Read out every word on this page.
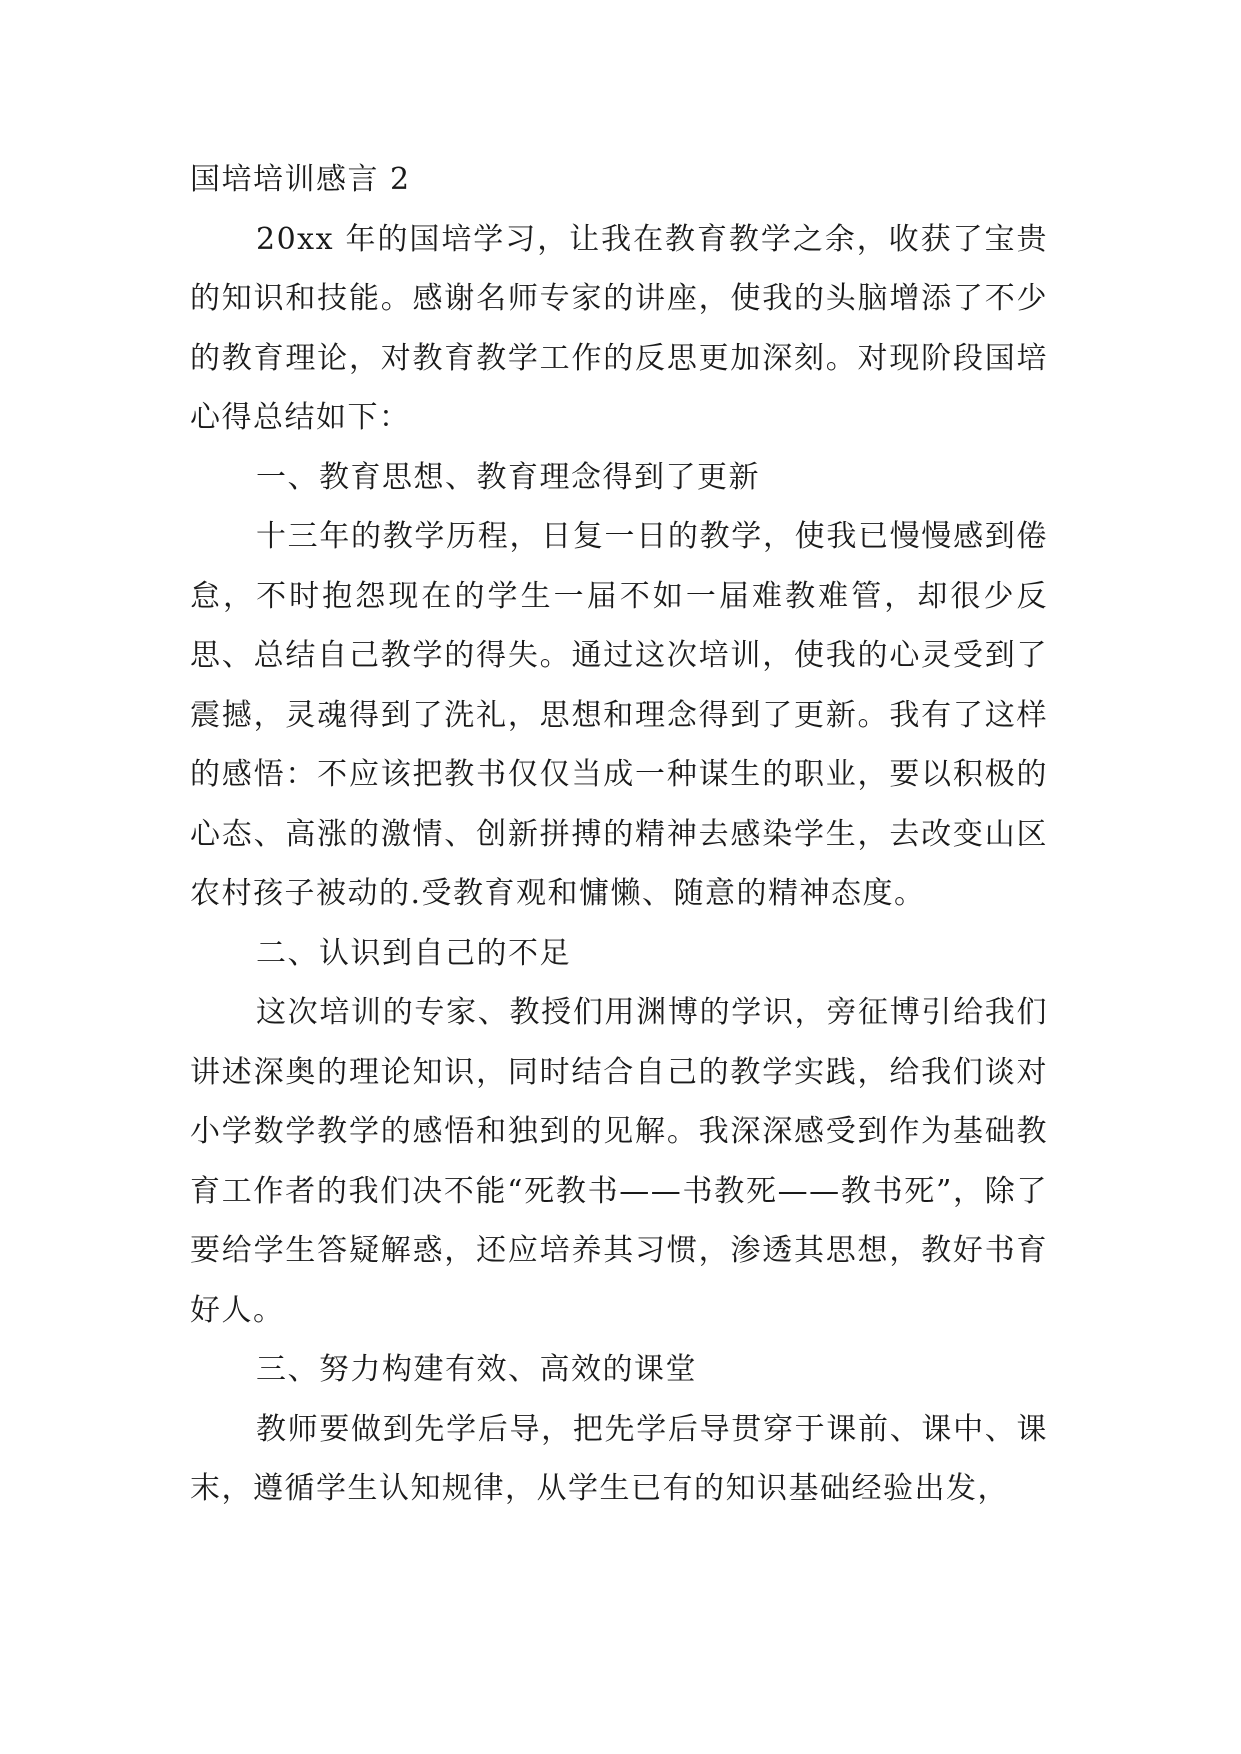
国培培训感言 2

20xx 年的国培学习，让我在教育教学之余，收获了宝贵的知识和技能。感谢名师专家的讲座，使我的头脑增添了不少的教育理论，对教育教学工作的反思更加深刻。对现阶段国培心得总结如下：

一、教育思想、教育理念得到了更新

十三年的教学历程，日复一日的教学，使我已慢慢感到倦怠，不时抱怨现在的学生一届不如一届难教难管，却很少反思、总结自己教学的得失。通过这次培训，使我的心灵受到了震撼，灵魂得到了洗礼，思想和理念得到了更新。我有了这样的感悟：不应该把教书仅仅当成一种谋生的职业，要以积极的心态、高涨的激情、创新拼搏的精神去感染学生，去改变山区农村孩子被动的.受教育观和慵懒、随意的精神态度。

二、认识到自己的不足

这次培训的专家、教授们用渊博的学识，旁征博引给我们讲述深奥的理论知识，同时结合自己的教学实践，给我们谈对小学数学教学的感悟和独到的见解。我深深感受到作为基础教育工作者的我们决不能“死教书——书教死——教书死”，除了要给学生答疑解惑，还应培养其习惯，渗透其思想，教好书育好人。

三、努力构建有效、高效的课堂

教师要做到先学后导，把先学后导贯穿于课前、课中、课末，遵循学生认知规律，从学生已有的知识基础经验出发，
